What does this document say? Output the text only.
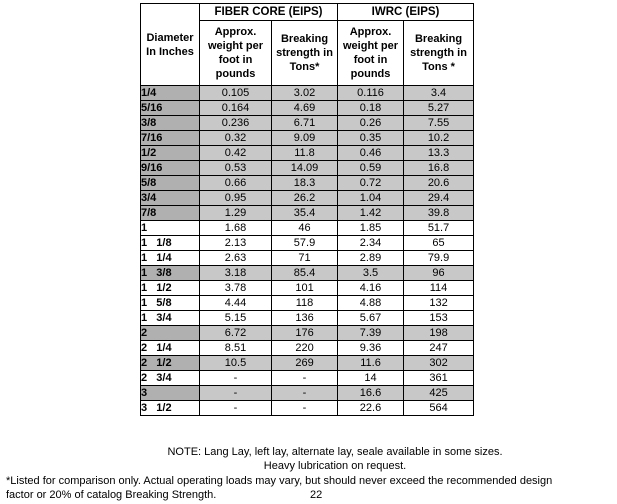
Diameter In Inches	FIBER CORE (EIPS)		IWRC (EIPS)	
	Approx. weight per foot in pounds	Breaking strength in Tons*	Approx. weight per foot in pounds	Breaking strength in Tons *
1/4	0.105	3.02	0.116	3.4
5/16	0.164	4.69	0.18	5.27
3/8	0.236	6.71	0.26	7.55
7/16	0.32	9.09	0.35	10.2
1/2	0.42	11.8	0.46	13.3
9/16	0.53	14.09	0.59	16.8
5/8	0.66	18.3	0.72	20.6
3/4	0.95	26.2	1.04	29.4
7/8	1.29	35.4	1.42	39.8
1	1.68	46	1.85	51.7
1   1/8	2.13	57.9	2.34	65
1   1/4	2.63	71	2.89	79.9
1   3/8	3.18	85.4	3.5	96
1   1/2	3.78	101	4.16	114
1   5/8	4.44	118	4.88	132
1   3/4	5.15	136	5.67	153
2	6.72	176	7.39	198
2   1/4	8.51	220	9.36	247
2   1/2	10.5	269	11.6	302
2   3/4	-	-	14	361
3	-	-	16.6	425
3   1/2	-	-	22.6	564
NOTE: Lang Lay, left lay, alternate lay, seale available in some sizes.
Heavy lubrication on request.
*Listed for comparison only. Actual operating loads may vary, but should never exceed the recommended design
factor or 20% of catalog Breaking Strength.	22
